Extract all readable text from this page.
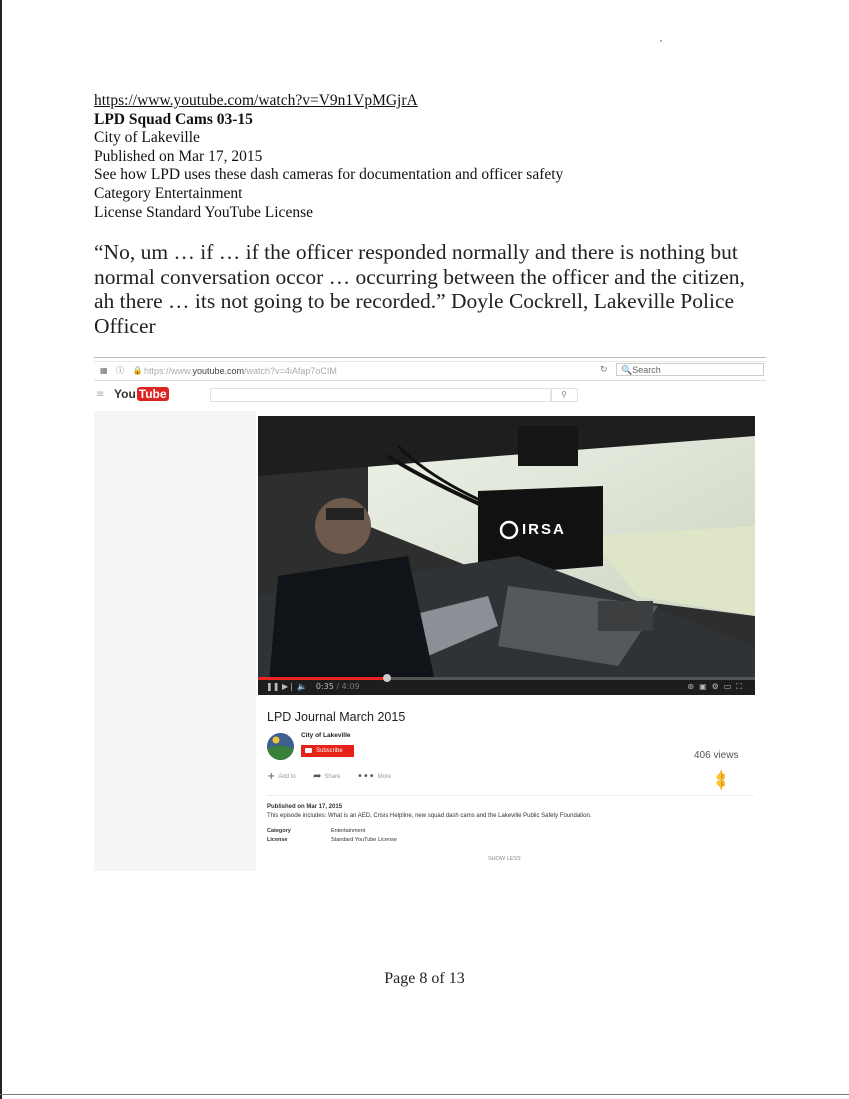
https://www.youtube.com/watch?v=V9n1VpMGjrA
LPD Squad Cams 03-15
City of Lakeville
Published on Mar 17, 2015
See how LPD uses these dash cameras for documentation and officer safety
Category Entertainment
License Standard YouTube License
“No, um … if … if the officer responded normally and there is nothing but normal conversation occor … occurring between the officer and the citizen, ah there … its not going to be recorded.” Doyle Cockrell, Lakeville Police Officer
▦ ⓘ 🔒
https://www.youtube.com/watch?v=4iAfap7oCIM	↻	🔍Search
≡ You Tube	⚲
IRSA
❚❚ ▶❘ 🔈 0:35 / 4:09	⊛▣⚙▭⛶
LPD Journal March 2015
City of Lakeville
Subscribe	406 views
+ Add to ➦ Share ••• More	👍👎
Published on Mar 17, 2015
This episode includes: What is an AED, Crisis Helpline, new squad dash cams and the Lakeville Public Safety Foundation.
Category	Entertainment
License	Standard YouTube License
SHOW LESS
Page 8 of 13
